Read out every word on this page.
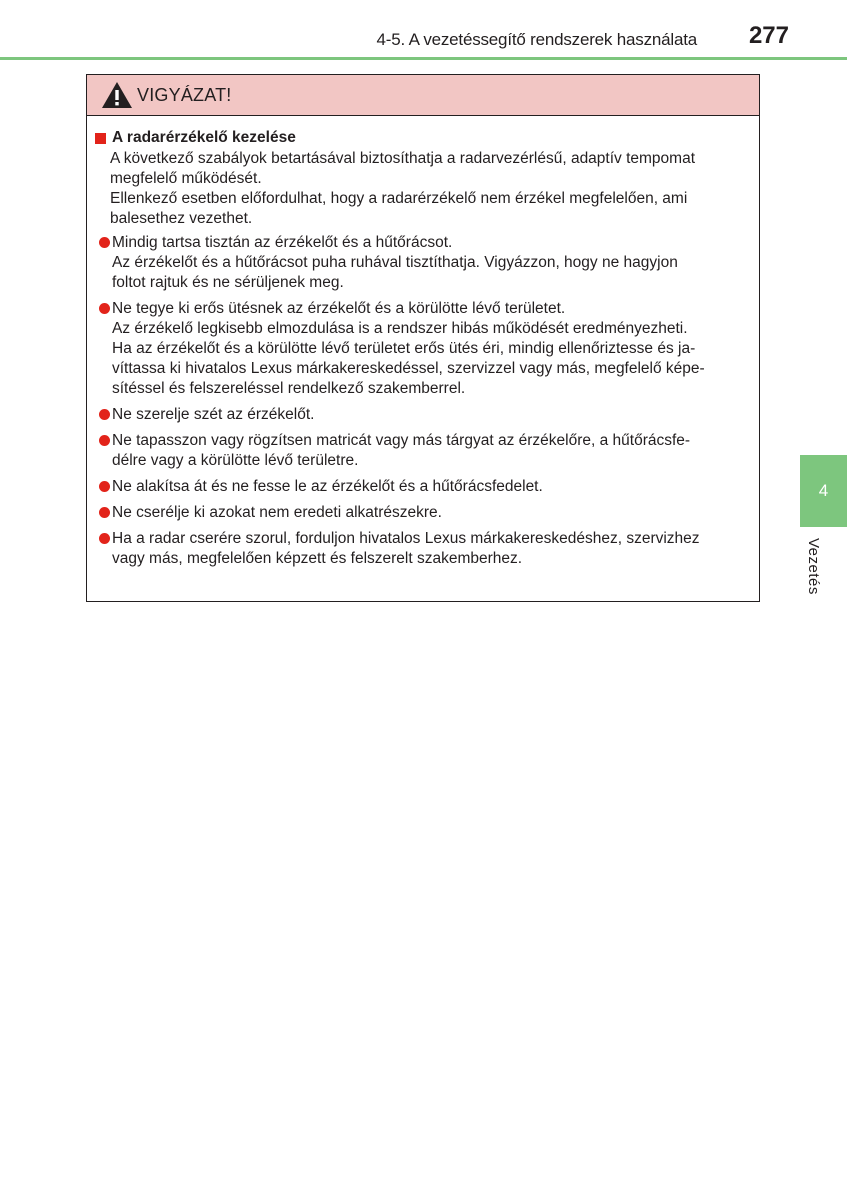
4-5. A vezetéssegítő rendszerek használata 277
VIGYÁZAT!
A radarérzékelő kezelése
A következő szabályok betartásával biztosíthatja a radarvezérlésű, adaptív tempomat
megfelelő működését.
Ellenkező esetben előfordulhat, hogy a radarérzékelő nem érzékel megfelelően, ami
balesethez vezethet.
Mindig tartsa tisztán az érzékelőt és a hűtőrácsot.
Az érzékelőt és a hűtőrácsot puha ruhával tisztíthatja. Vigyázzon, hogy ne hagyjon
foltot rajtuk és ne sérüljenek meg.
Ne tegye ki erős ütésnek az érzékelőt és a körülötte lévő területet.
Az érzékelő legkisebb elmozdulása is a rendszer hibás működését eredményezheti.
Ha az érzékelőt és a körülötte lévő területet erős ütés éri, mindig ellenőriztesse és ja-
víttassa ki hivatalos Lexus márkakereskedéssel, szervizzel vagy más, megfelelő képe-
sítéssel és felszereléssel rendelkező szakemberrel.
Ne szerelje szét az érzékelőt.
Ne tapasszon vagy rögzítsen matricát vagy más tárgyat az érzékelőre, a hűtőrácsfe-
délre vagy a körülötte lévő területre.
Ne alakítsa át és ne fesse le az érzékelőt és a hűtőrácsfedelet.
Ne cserélje ki azokat nem eredeti alkatrészekre.
Ha a radar cserére szorul, forduljon hivatalos Lexus márkakereskedéshez, szervizhez
vagy más, megfelelően képzett és felszerelt szakemberhez.
4
Vezetés
